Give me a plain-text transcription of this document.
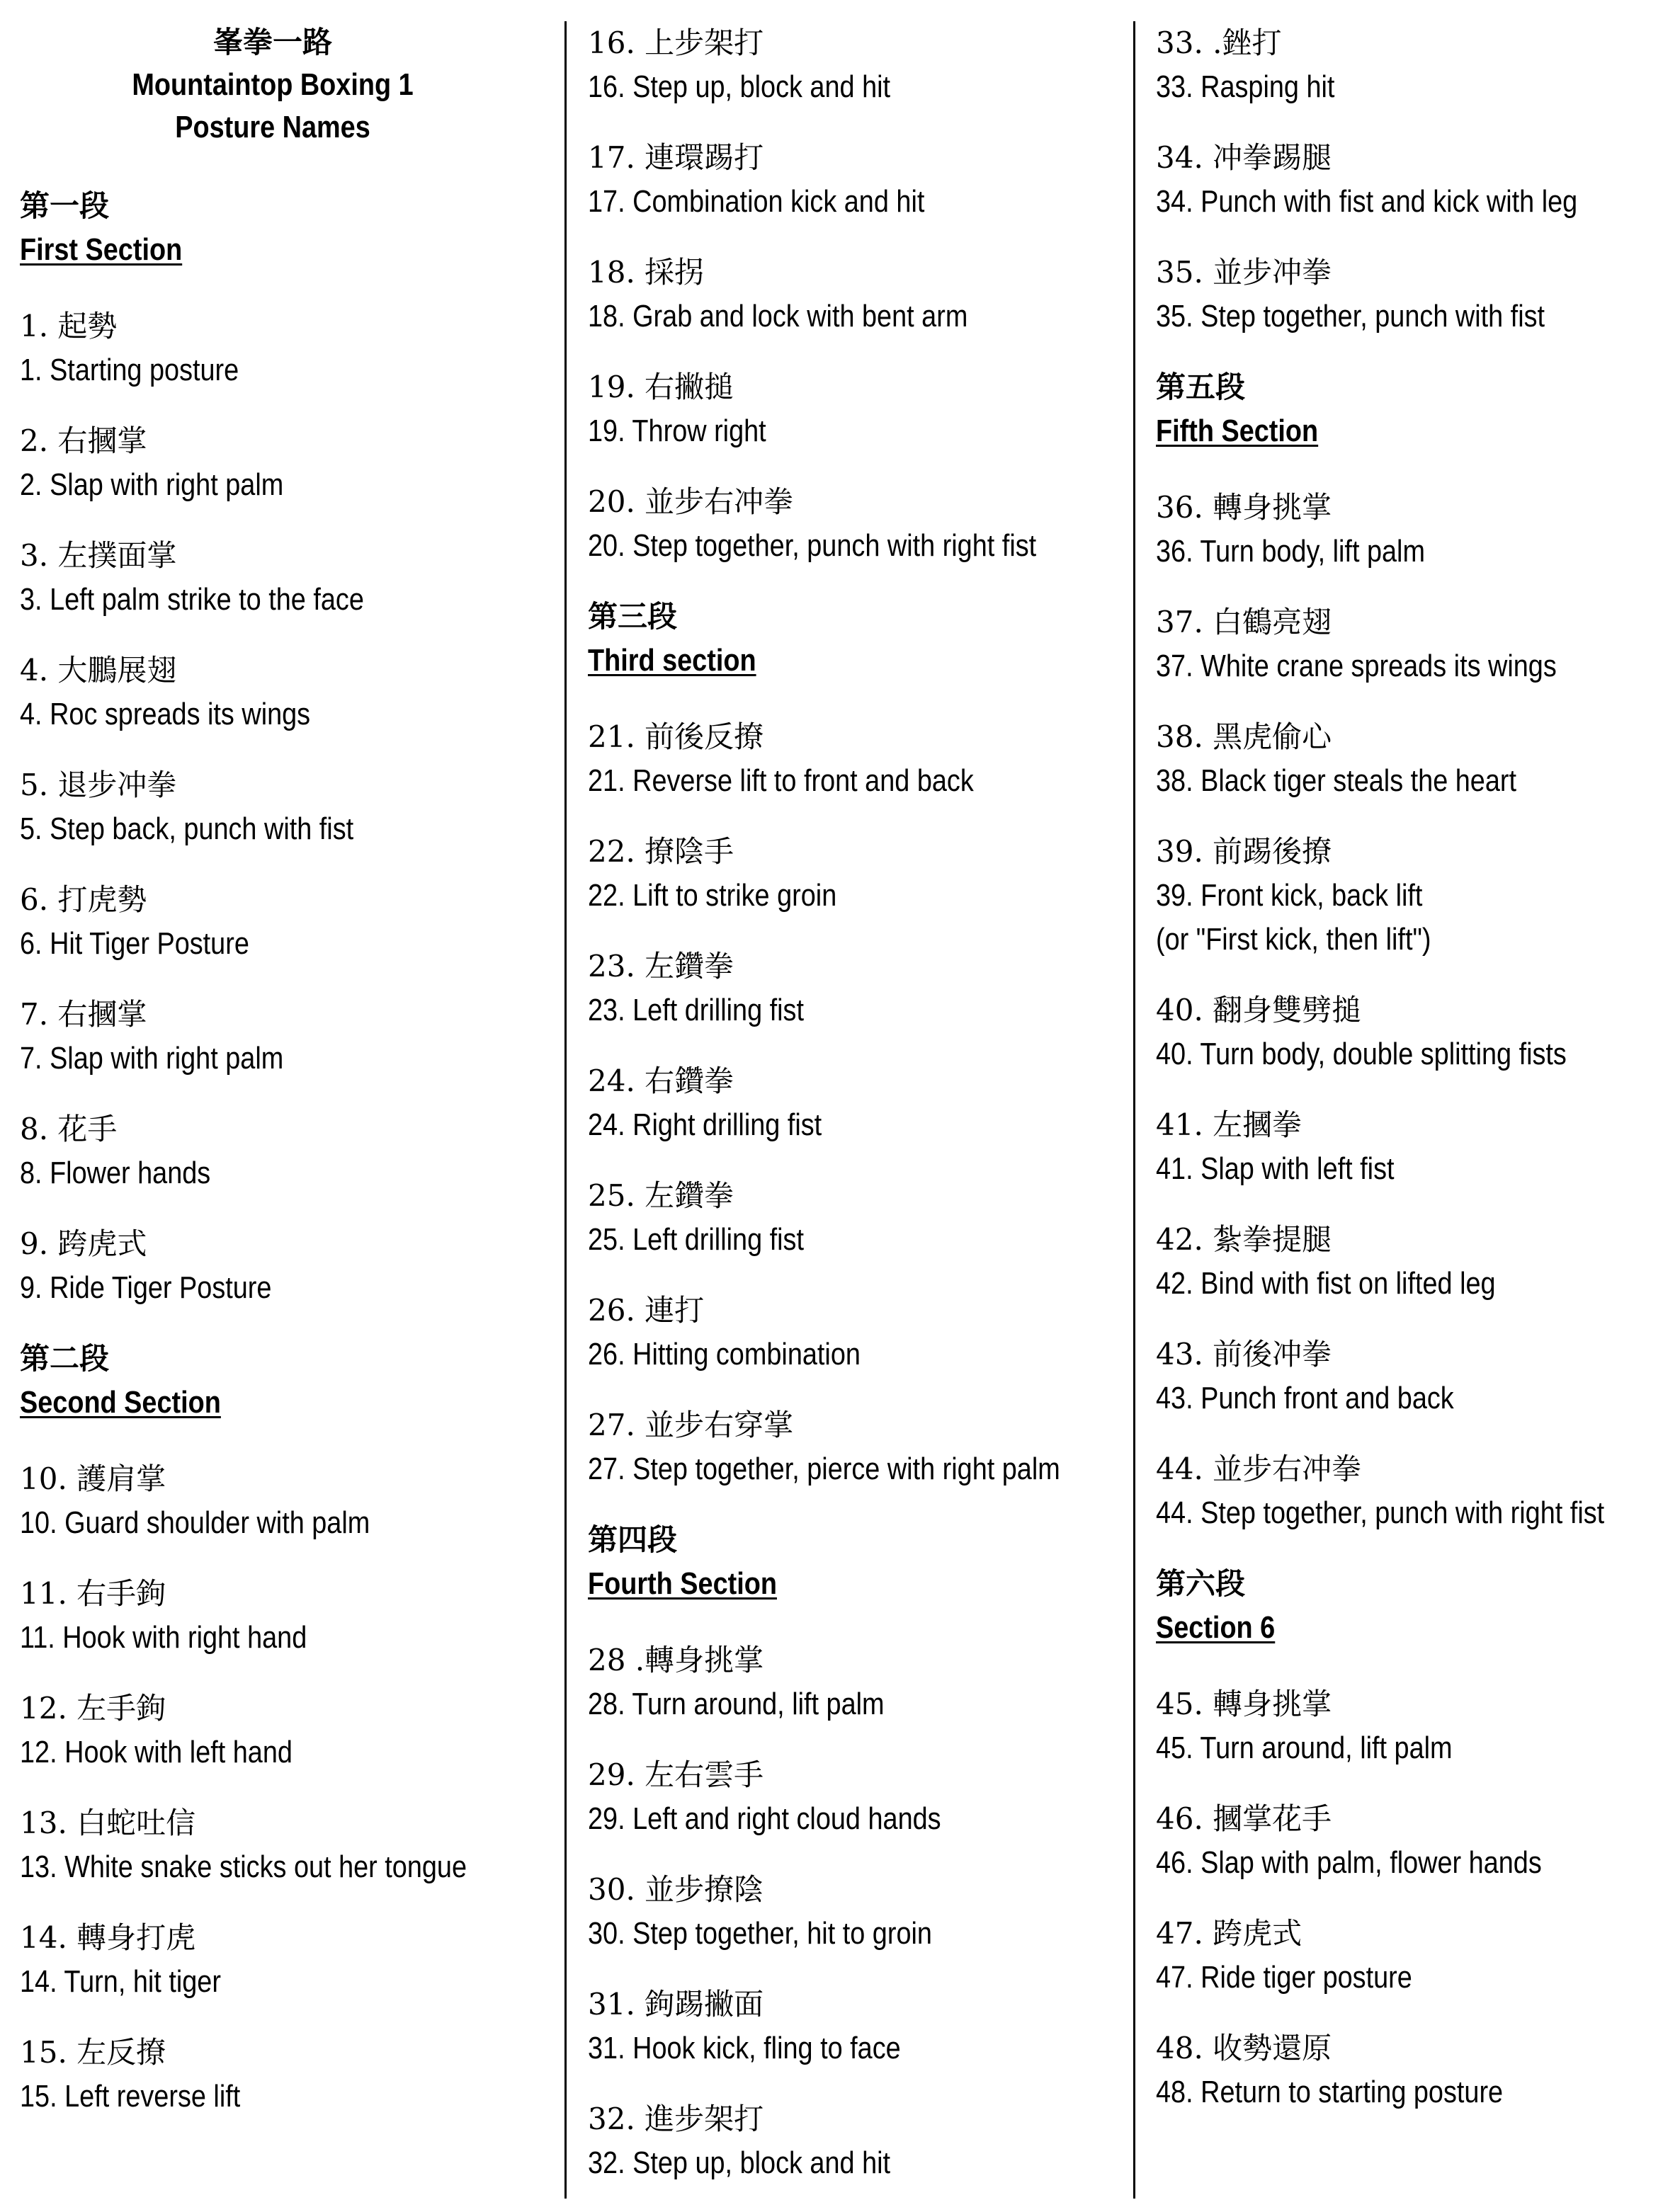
峯拳一路
Mountaintop Boxing 1
Posture Names
第一段
First Section
1. 起勢
1. Starting posture
2. 右摑掌
2. Slap with right palm
3. 左撲面掌
3. Left palm strike to the face
4. 大鵬展翅
4. Roc spreads its wings
5. 退步冲拳
5. Step back, punch with fist
6. 打虎勢
6. Hit Tiger Posture
7. 右摑掌
7. Slap with right palm
8. 花手
8. Flower hands
9. 跨虎式
9. Ride Tiger Posture
第二段
Second Section
10. 護肩掌
10. Guard shoulder with palm
11. 右手鉤
11. Hook with right hand
12. 左手鉤
12. Hook with left hand
13. 白蛇吐信
13. White snake sticks out her tongue
14. 轉身打虎
14. Turn, hit tiger
15. 左反撩
15. Left reverse lift
16. 上步架打
16. Step up, block and hit
17. 連環踢打
17. Combination kick and hit
18. 採拐
18. Grab and lock with bent arm
19. 右撇搥
19. Throw right
20. 並步右冲拳
20. Step together, punch with right fist
第三段
Third section
21. 前後反撩
21. Reverse lift to front and back
22. 撩陰手
22. Lift to strike groin
23. 左鑽拳
23. Left drilling fist
24. 右鑽拳
24. Right drilling fist
25. 左鑽拳
25. Left drilling fist
26. 連打
26. Hitting combination
27. 並步右穿掌
27. Step together, pierce with right palm
第四段
Fourth Section
28 .轉身挑掌
28. Turn around, lift palm
29. 左右雲手
29. Left and right cloud hands
30. 並步撩陰
30. Step together, hit to groin
31. 鉤踢撇面
31. Hook kick, fling to face
32. 進步架打
32. Step up, block and hit
33. .銼打
33. Rasping hit
34. 冲拳踢腿
34. Punch with fist and kick with leg
35. 並步冲拳
35. Step together, punch with fist
第五段
Fifth Section
36. 轉身挑掌
36. Turn body, lift palm
37. 白鶴亮翅
37. White crane spreads its wings
38. 黑虎偷心
38. Black tiger steals the heart
39. 前踢後撩
39. Front kick, back lift
(or "First kick, then lift")
40. 翻身雙劈搥
40. Turn body, double splitting fists
41. 左摑拳
41. Slap with left fist
42. 紮拳提腿
42. Bind with fist on lifted leg
43. 前後冲拳
43. Punch front and back
44. 並步右冲拳
44. Step together, punch with right fist
第六段
Section 6
45. 轉身挑掌
45. Turn around, lift palm
46. 摑掌花手
46. Slap with palm, flower hands
47. 跨虎式
47. Ride tiger posture
48. 收勢還原
48. Return to starting posture
